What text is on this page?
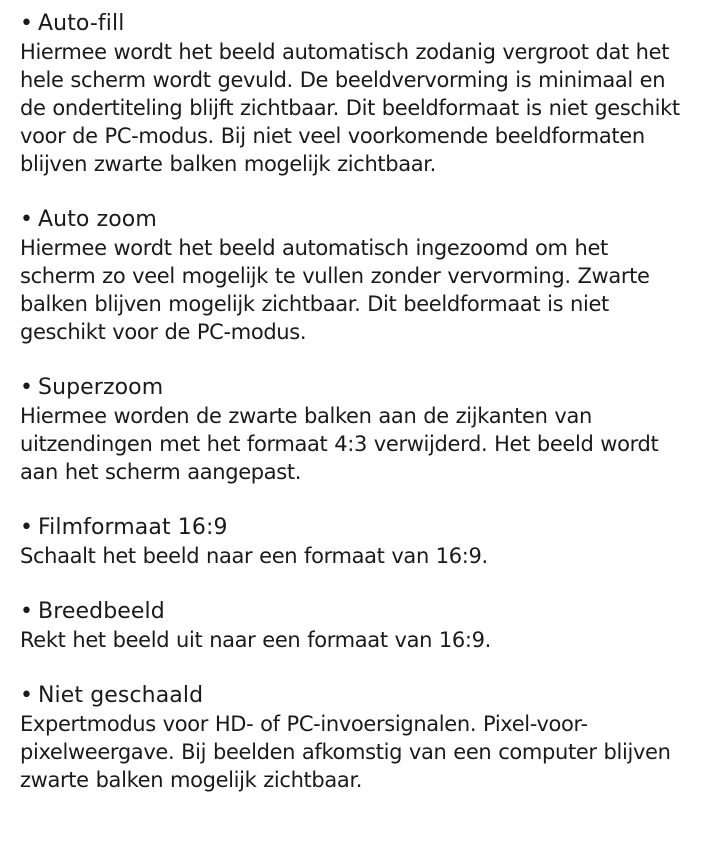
• Auto-fill
Hiermee wordt het beeld automatisch zodanig vergroot dat het
hele scherm wordt gevuld. De beeldvervorming is minimaal en
de ondertiteling blijft zichtbaar. Dit beeldformaat is niet geschikt
voor de PC-modus. Bij niet veel voorkomende beeldformaten
blijven zwarte balken mogelijk zichtbaar.
• Auto zoom
Hiermee wordt het beeld automatisch ingezoomd om het
scherm zo veel mogelijk te vullen zonder vervorming. Zwarte
balken blijven mogelijk zichtbaar. Dit beeldformaat is niet
geschikt voor de PC-modus.
• Superzoom
Hiermee worden de zwarte balken aan de zijkanten van
uitzendingen met het formaat 4:3 verwijderd. Het beeld wordt
aan het scherm aangepast.
• Filmformaat 16:9
Schaalt het beeld naar een formaat van 16:9.
• Breedbeeld
Rekt het beeld uit naar een formaat van 16:9.
• Niet geschaald
Expertmodus voor HD- of PC-invoersignalen. Pixel-voor-
pixelweergave. Bij beelden afkomstig van een computer blijven
zwarte balken mogelijk zichtbaar.
